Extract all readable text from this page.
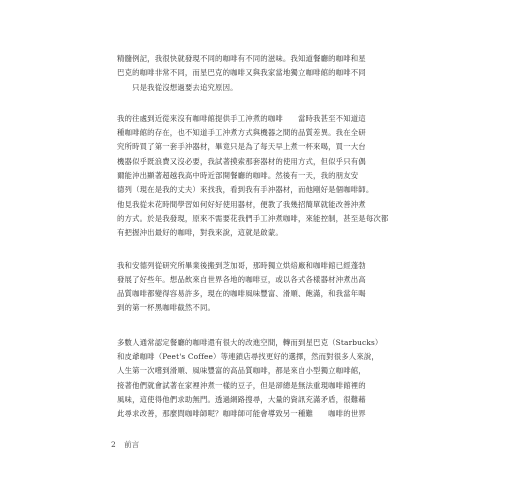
精髓例記，我很快就發現不同的咖啡有不同的滋味。我知道餐廳的咖啡和星
巴克的咖啡非常不同，而星巴克的咖啡又與我家當地獨立咖啡館的咖啡不同
　　只是我從沒想過要去追究原因。
我的往處到近從來沒有咖啡館提供手工沖煮的咖啡　　當時我甚至不知道這
種咖啡館的存在，也不知道手工沖煮方式與機器之間的品質差異。我在全研
究所時買了第一套手沖器材，畢竟只是為了每天早上煮一杯來喝，買一大台
機器似乎既浪費又沒必要，我試著摸索那套器材的使用方式，但似乎只有偶
爾能沖出顯著超越我高中時近部開餐廳的咖啡。然後有一天，我的朋友安
德列（現在是我的丈夫）來找我，看到我有手沖器材，而他剛好是個咖啡師。
他見我從未花時間學習如何好好使用器材，便教了我幾招簡單就能改善沖煮
的方式。於是我發現，原來不需要花我們手工沖煮咖啡，來能控制，甚至是每次都
有把握沖出最好的咖啡，對我來說，這就是啟蒙。
我和安德列從研究所畢業後搬到芝加哥，那時獨立烘焙廠和咖啡館已經蓬勃
發展了好些年。想品飲來自世界各地的咖啡豆，或以各式各樣器材沖煮出高
品質咖啡都變得容易許多，現在的咖啡風味豐富、滑順、飽滿，和我當年喝
到的第一杯黑咖啡截然不同。
多數人通常認定餐廳的咖啡還有很大的改進空間，轉而到星巴克（Starbucks）
和皮爺咖啡（Peet's Coffee）等連鎖店尋找更好的選擇，然而對很多人來說，
人生第一次嚐到滑順、風味豐富的高品質咖啡，都是來自小型獨立咖啡館，
接著他們就會試著在家裡沖煮一樣的豆子，但是卻總是無法重現咖啡館裡的
風味，這使得他們求助無門。透過網路搜尋，大量的資訊充滿矛盾，很難藉
此尋求改善，那麼問咖啡師呢？咖啡師可能會導致另一種難　　咖啡的世界
2 前言
